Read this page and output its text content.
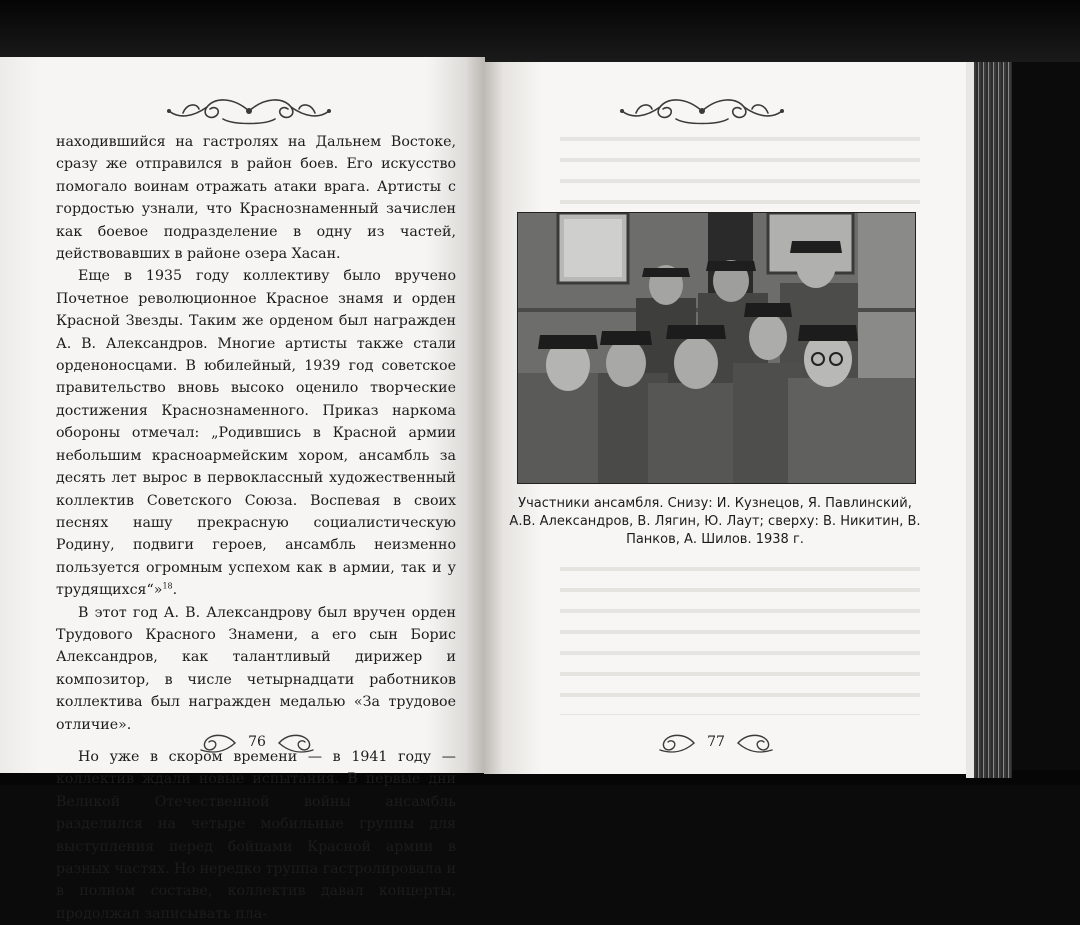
находившийся на гастролях на Дальнем Востоке, сразу же отправился в район боев. Его искусство помогало воинам отражать атаки врага. Артисты с гордостью узнали, что Краснознаменный зачислен как боевое подразделение в одну из частей, действовавших в районе озера Хасан.

Еще в 1935 году коллективу было вручено Почетное революционное Красное знамя и орден Красной Звезды. Таким же орденом был награжден А. В. Александров. Многие артисты также стали орденоносцами. В юбилейный, 1939 год советское правительство вновь высоко оценило творческие достижения Краснознаменного. Приказ наркома обороны отмечал: „Родившись в Красной армии небольшим красноармейским хором, ансамбль за десять лет вырос в первоклассный художественный коллектив Советского Союза. Воспевая в своих песнях нашу прекрасную социалистическую Родину, подвиги героев, ансамбль неизменно пользуется огромным успехом как в армии, так и у трудящихся“»$^{18}$.

В этот год А. В. Александрову был вручен орден Трудового Красного Знамени, а его сын Борис Александров, как талантливый дирижер и композитор, в числе четырнадцати работников коллектива был награжден медалью «За трудовое отличие».

Но уже в скором времени — в 1941 году — коллектив ждали новые испытания. В первые дни Великой Отечественной войны ансамбль разделился на четыре мобильные группы для выступления перед бойцами Красной армии в разных частях. Но нередко труппа гастролировала и в полном составе, коллектив давал концерты, продолжал записывать пла-

76
Участники ансамбля. Снизу: И. Кузнецов, Я. Павлинский, А.В. Александров, В. Лягин, Ю. Лаут; сверху: В. Никитин, В. Панков, А. Шилов. 1938 г.
77
